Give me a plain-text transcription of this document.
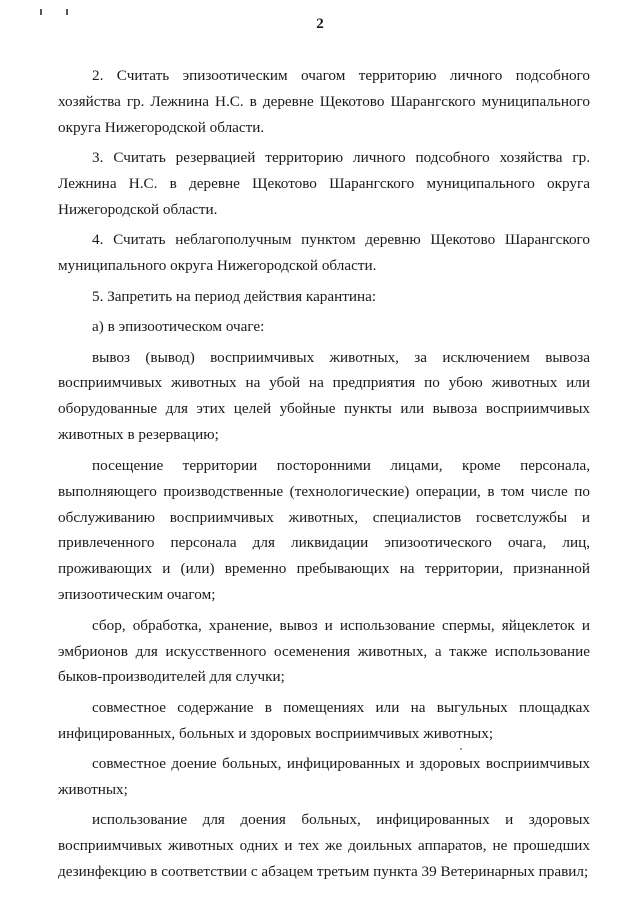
2

2. Считать эпизоотическим очагом территорию личного подсобного хозяйства гр. Лежнина Н.С. в деревне Щекотово Шарангского муниципального округа Нижегородской области.

3. Считать резервацией территорию личного подсобного хозяйства гр. Лежнина Н.С. в деревне Щекотово Шарангского муниципального округа Нижегородской области.

4. Считать неблагополучным пунктом деревню Щекотово Шарангского муниципального округа Нижегородской области.

5. Запретить на период действия карантина:

а) в эпизоотическом очаге:

вывоз (вывод) восприимчивых животных, за исключением вывоза восприимчивых животных на убой на предприятия по убою животных или оборудованные для этих целей убойные пункты или вывоза восприимчивых животных в резервацию;

посещение территории посторонними лицами, кроме персонала, выполняющего производственные (технологические) операции, в том числе по обслуживанию восприимчивых животных, специалистов госветслужбы и привлеченного персонала для ликвидации эпизоотического очага, лиц, проживающих и (или) временно пребывающих на территории, признанной эпизоотическим очагом;

сбор, обработка, хранение, вывоз и использование спермы, яйцеклеток и эмбрионов для искусственного осеменения животных, а также использование быков-производителей для случки;

совместное содержание в помещениях или на выгульных площадках инфицированных, больных и здоровых восприимчивых животных;

совместное доение больных, инфицированных и здоровых восприимчивых животных;

использование для доения больных, инфицированных и здоровых восприимчивых животных одних и тех же доильных аппаратов, не прошедших дезинфекцию в соответствии с абзацем третьим пункта 39 Ветеринарных правил;
